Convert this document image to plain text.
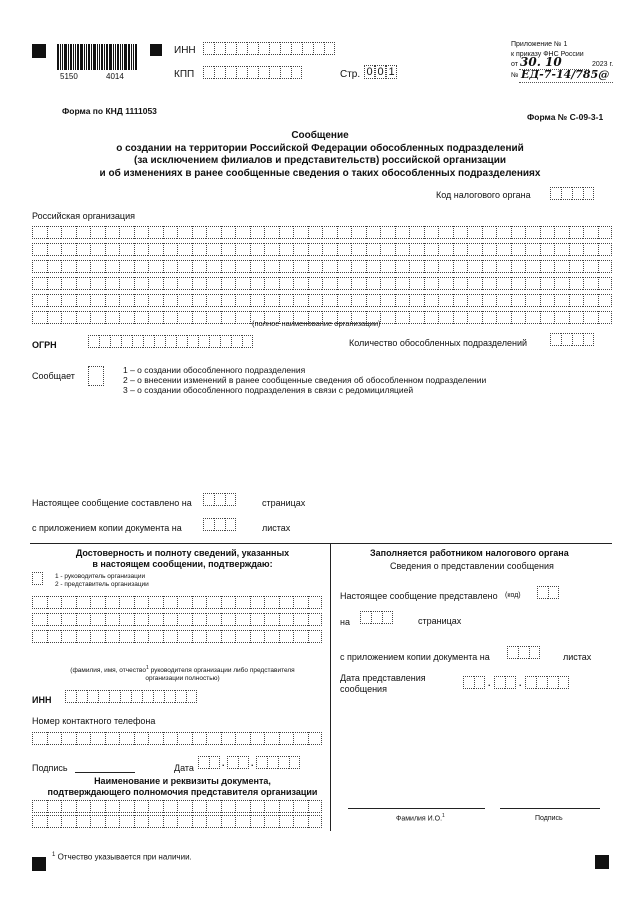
5150	4014
ИНН
КПП	Стр. 0 0 1
Приложение № 1
к приказу ФНС России
от 30. 10	2023 г.
№ ЕД-7-14/785@
Форма по КНД 1111053
Форма № С-09-3-1
Сообщение
о создании на территории Российской Федерации обособленных подразделений
(за исключением филиалов и представительств) российской организации
и об изменениях в ранее сообщенные сведения о таких обособленных подразделениях
Код налогового органа
Российская организация
(полное наименование организации)
ОГРН	Количество обособленных подразделений
Сообщает
1 – о создании обособленного подразделения
2 – о внесении изменений в ранее сообщенные сведения об обособленном подразделении
3 – о создании обособленного подразделения в связи с редомициляцией
Настоящее сообщение составлено на	страницах
с приложением копии документа на	листах
Достоверность и полноту сведений, указанных
в настоящем сообщении, подтверждаю:
1 - руководитель организации
2 - представитель организации
(фамилия, имя, отчество$^1$ руководителя организации либо представителя
организации полностью)
ИНН
Номер контактного телефона
Подпись	Дата	.	.
Наименование и реквизиты документа,
подтверждающего полномочия представителя организации
Заполняется работником налогового органа
Сведения о представлении сообщения
Настоящее сообщение представлено (код)
на	страницах
с приложением копии документа на	листах
Дата представления
сообщения
.	.
Фамилия И.О.$^1$	Подпись
$^1$ Отчество указывается при наличии.
